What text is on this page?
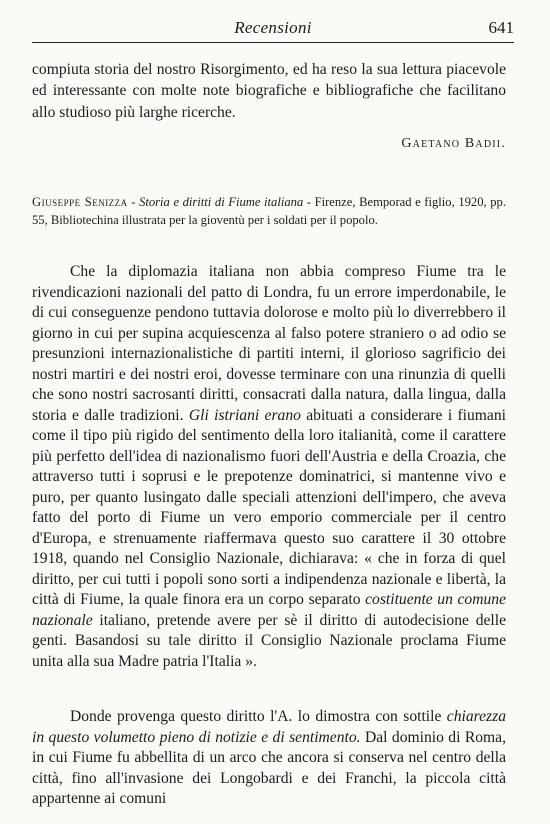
Recensioni	641
compiuta storia del nostro Risorgimento, ed ha reso la sua lettura piacevole ed interessante con molte note biografiche e bibliografiche che facilitano allo studioso più larghe ricerche.
Gaetano Badii.
Giuseppe Senizza - Storia e diritti di Fiume italiana - Firenze, Bemporad e figlio, 1920, pp. 55, Bibliotechina illustrata per la gioventù per i soldati per il popolo.
Che la diplomazia italiana non abbia compreso Fiume tra le rivendicazioni nazionali del patto di Londra, fu un errore imperdonabile, le di cui conseguenze pendono tuttavia dolorose e molto più lo diverrebbero il giorno in cui per supina acquiescenza al falso potere straniero o ad odio se presunzioni internazionalistiche di partiti interni, il glorioso sagrificio dei nostri martiri e dei nostri eroi, dovesse terminare con una rinunzia di quelli che sono nostri sacrosanti diritti, consacrati dalla natura, dalla lingua, dalla storia e dalle tradizioni. Gli istriani erano abituati a considerare i fiumani come il tipo più rigido del sentimento della loro italianità, come il carattere più perfetto dell'idea di nazionalismo fuori dell'Austria e della Croazia, che attraverso tutti i soprusi e le prepotenze dominatrici, si mantenne vivo e puro, per quanto lusingato dalle speciali attenzioni dell'impero, che aveva fatto del porto di Fiume un vero emporio commerciale per il centro d'Europa, e strenuamente riaffermava questo suo carattere il 30 ottobre 1918, quando nel Consiglio Nazionale, dichiarava: « che in forza di quel diritto, per cui tutti i popoli sono sorti a indipendenza nazionale e libertà, la città di Fiume, la quale finora era un corpo separato costituente un comune nazionale italiano, pretende avere per sè il diritto di autodecisione delle genti. Basandosi su tale diritto il Consiglio Nazionale proclama Fiume unita alla sua Madre patria l'Italia ».
Donde provenga questo diritto l'A. lo dimostra con sottile chiarezza in questo volumetto pieno di notizie e di sentimento. Dal dominio di Roma, in cui Fiume fu abbellita di un arco che ancora si conserva nel centro della città, fino all'invasione dei Longobardi e dei Franchi, la piccola città appartenne ai comuni
